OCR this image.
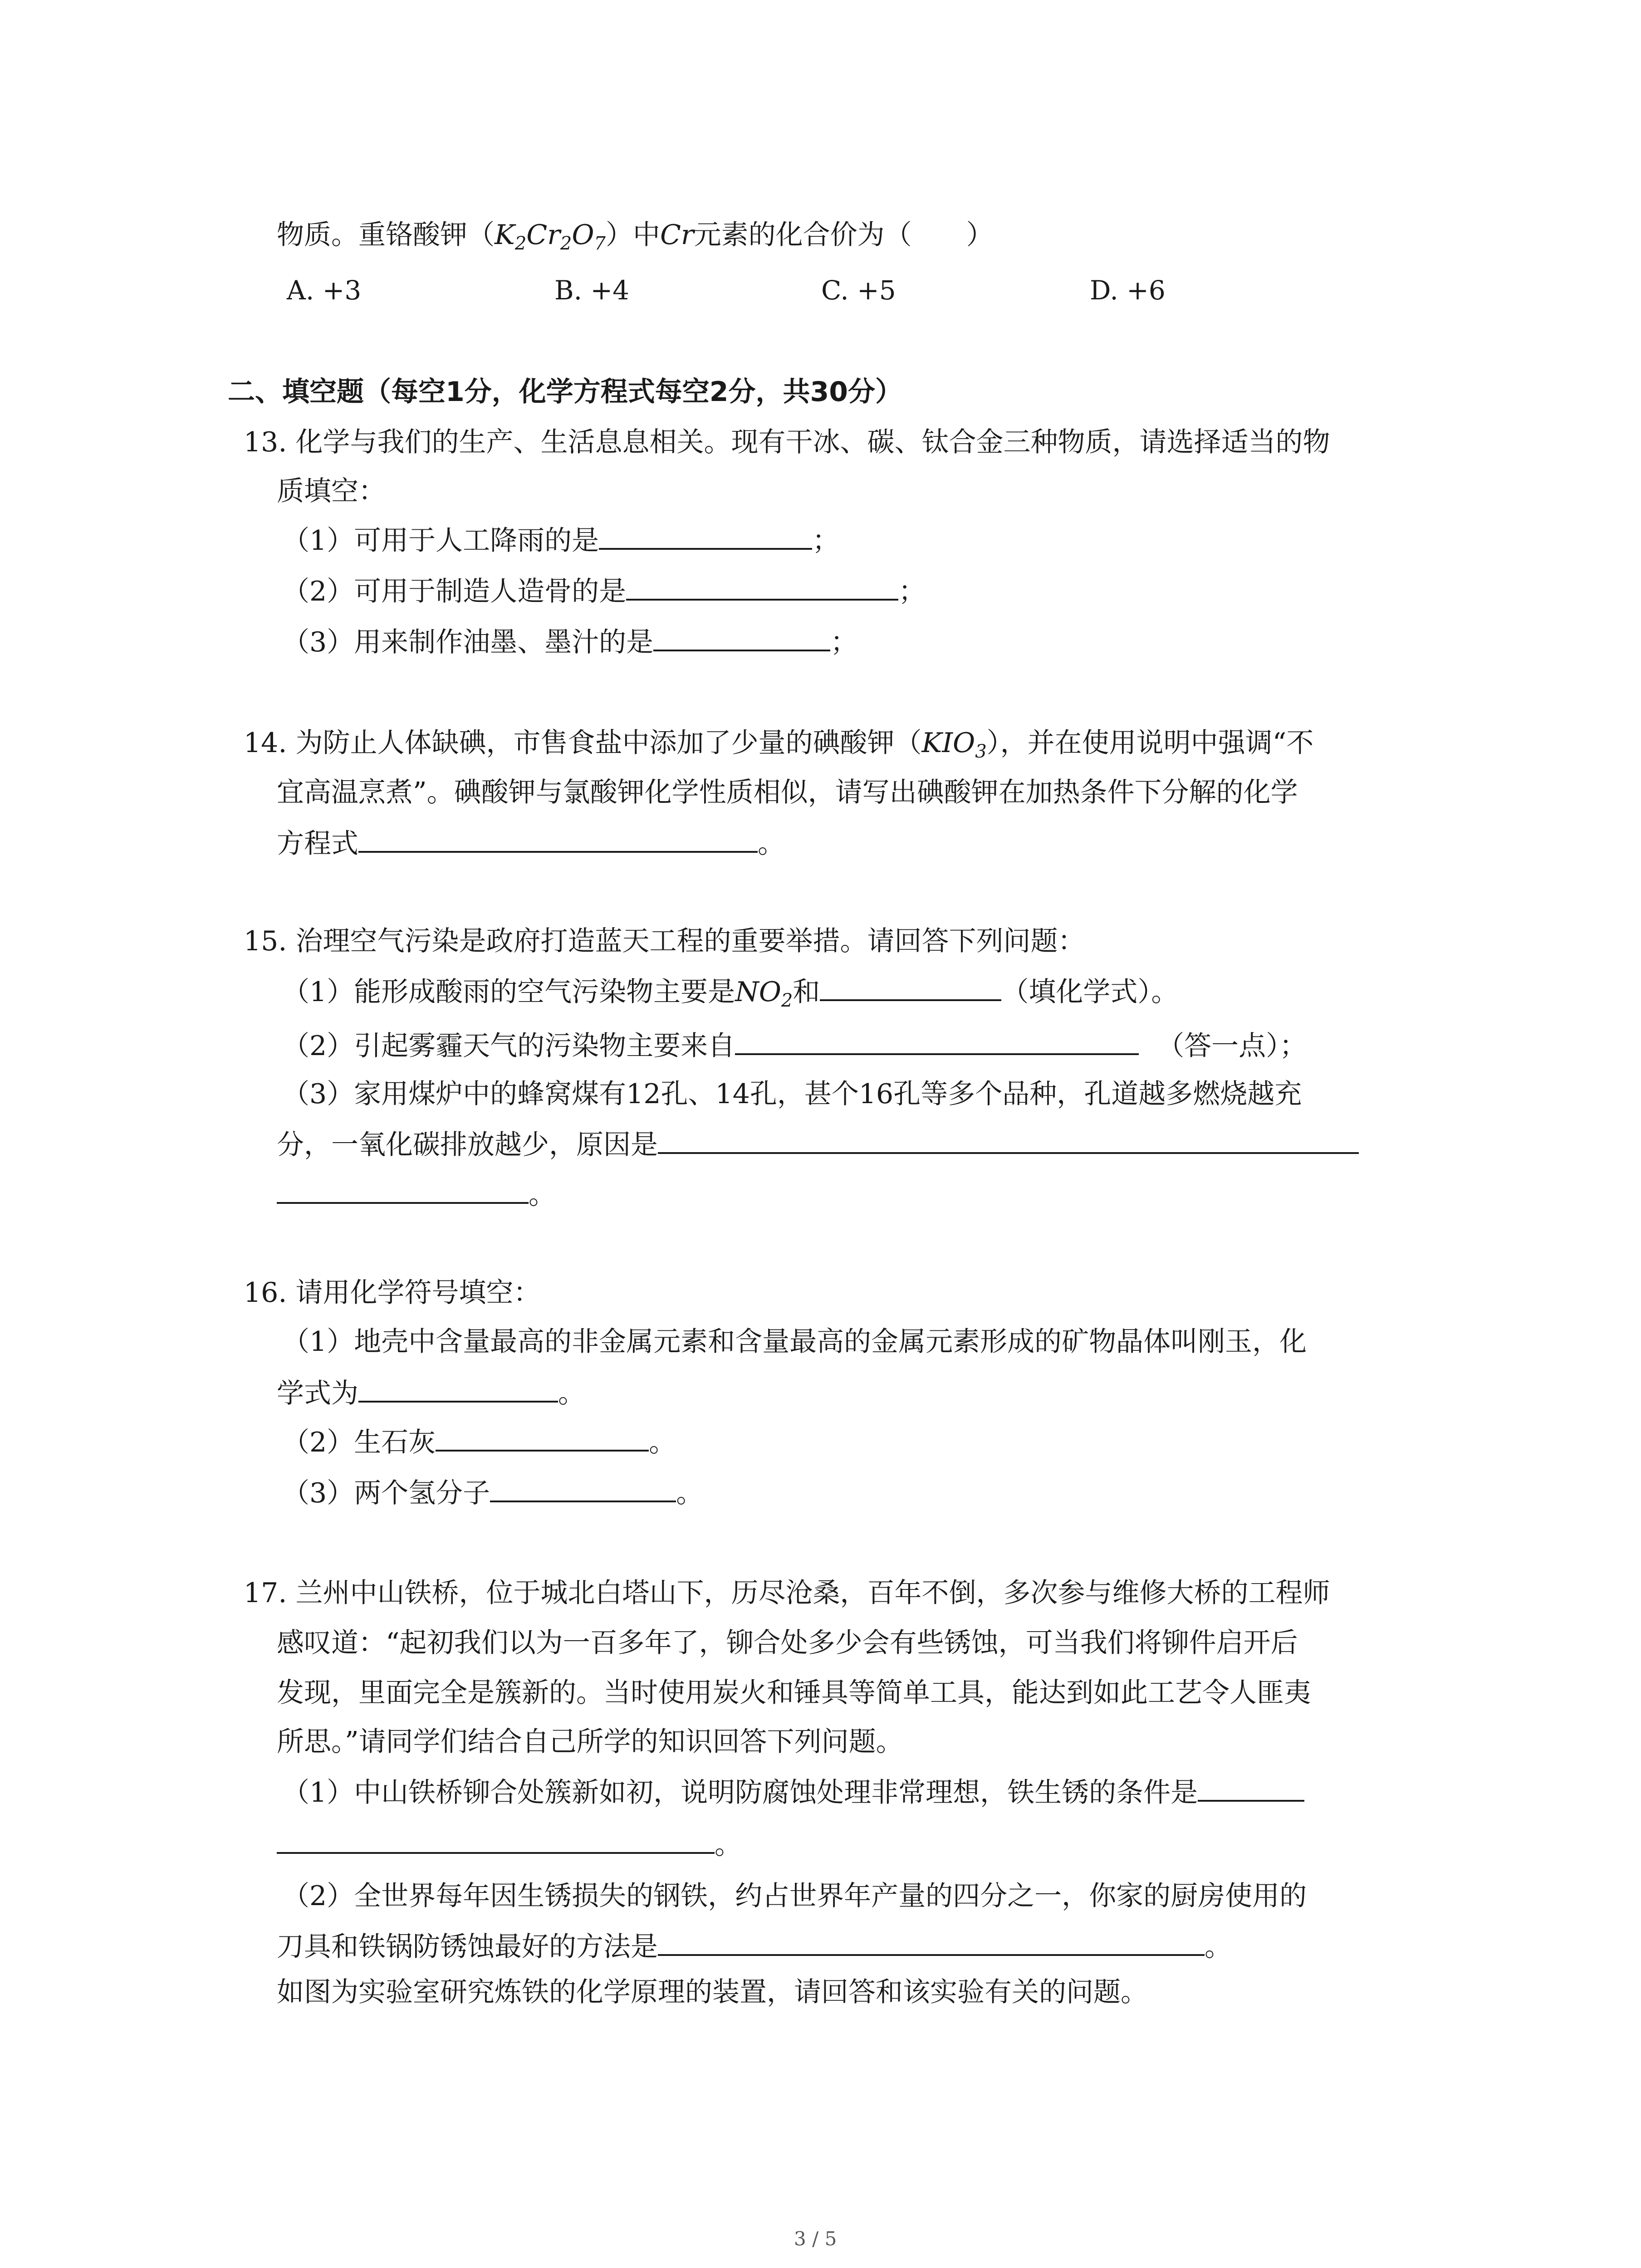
物质。重铬酸钾$(K_2Cr_2O_7)$中Cr元素的化合价为（　　）
A. +3	B. +4	C. +5	D. +6
二、填空题（每空1分，化学方程式每空2分，共30分）
13. 化学与我们的生产、生活息息相关。现有干冰、碳、钛合金三种物质，请选择适当的物
质填空：
（1）可用于人工降雨的是	；
（2）可用于制造人造骨的是	；
（3）用来制作油墨、墨汁的是	；
14. 为防止人体缺碘，市售食盐中添加了少量的碘酸钾$(KIO_3)$，并在使用说明中强调“不
宜高温烹煮”。碘酸钾与氯酸钾化学性质相似，请写出碘酸钾在加热条件下分解的化学
方程式	。
15. 治理空气污染是政府打造蓝天工程的重要举措。请回答下列问题：
（1）能形成酸雨的空气污染物主要是$NO_2$和	（填化学式）。
（2）引起雾霾天气的污染物主要来自	（答一点）；
（3）家用煤炉中的蜂窝煤有12孔、14孔，甚个16孔等多个品种，孔道越多燃烧越充
分，一氧化碳排放越少，原因是
。
16. 请用化学符号填空：
（1）地壳中含量最高的非金属元素和含量最高的金属元素形成的矿物晶体叫刚玉，化
学式为	。
（2）生石灰	。
（3）两个氢分子	。
17. 兰州中山铁桥，位于城北白塔山下，历尽沧桑，百年不倒，多次参与维修大桥的工程师
感叹道：“起初我们以为一百多年了，铆合处多少会有些锈蚀，可当我们将铆件启开后
发现，里面完全是簇新的。当时使用炭火和锤具等简单工具，能达到如此工艺令人匪夷
所思。”请同学们结合自己所学的知识回答下列问题。
（1）中山铁桥铆合处簇新如初，说明防腐蚀处理非常理想，铁生锈的条件是
。
（2）全世界每年因生锈损失的钢铁，约占世界年产量的四分之一，你家的厨房使用的
刀具和铁锅防锈蚀最好的方法是	。
如图为实验室研究炼铁的化学原理的装置，请回答和该实验有关的问题。
3 / 5
